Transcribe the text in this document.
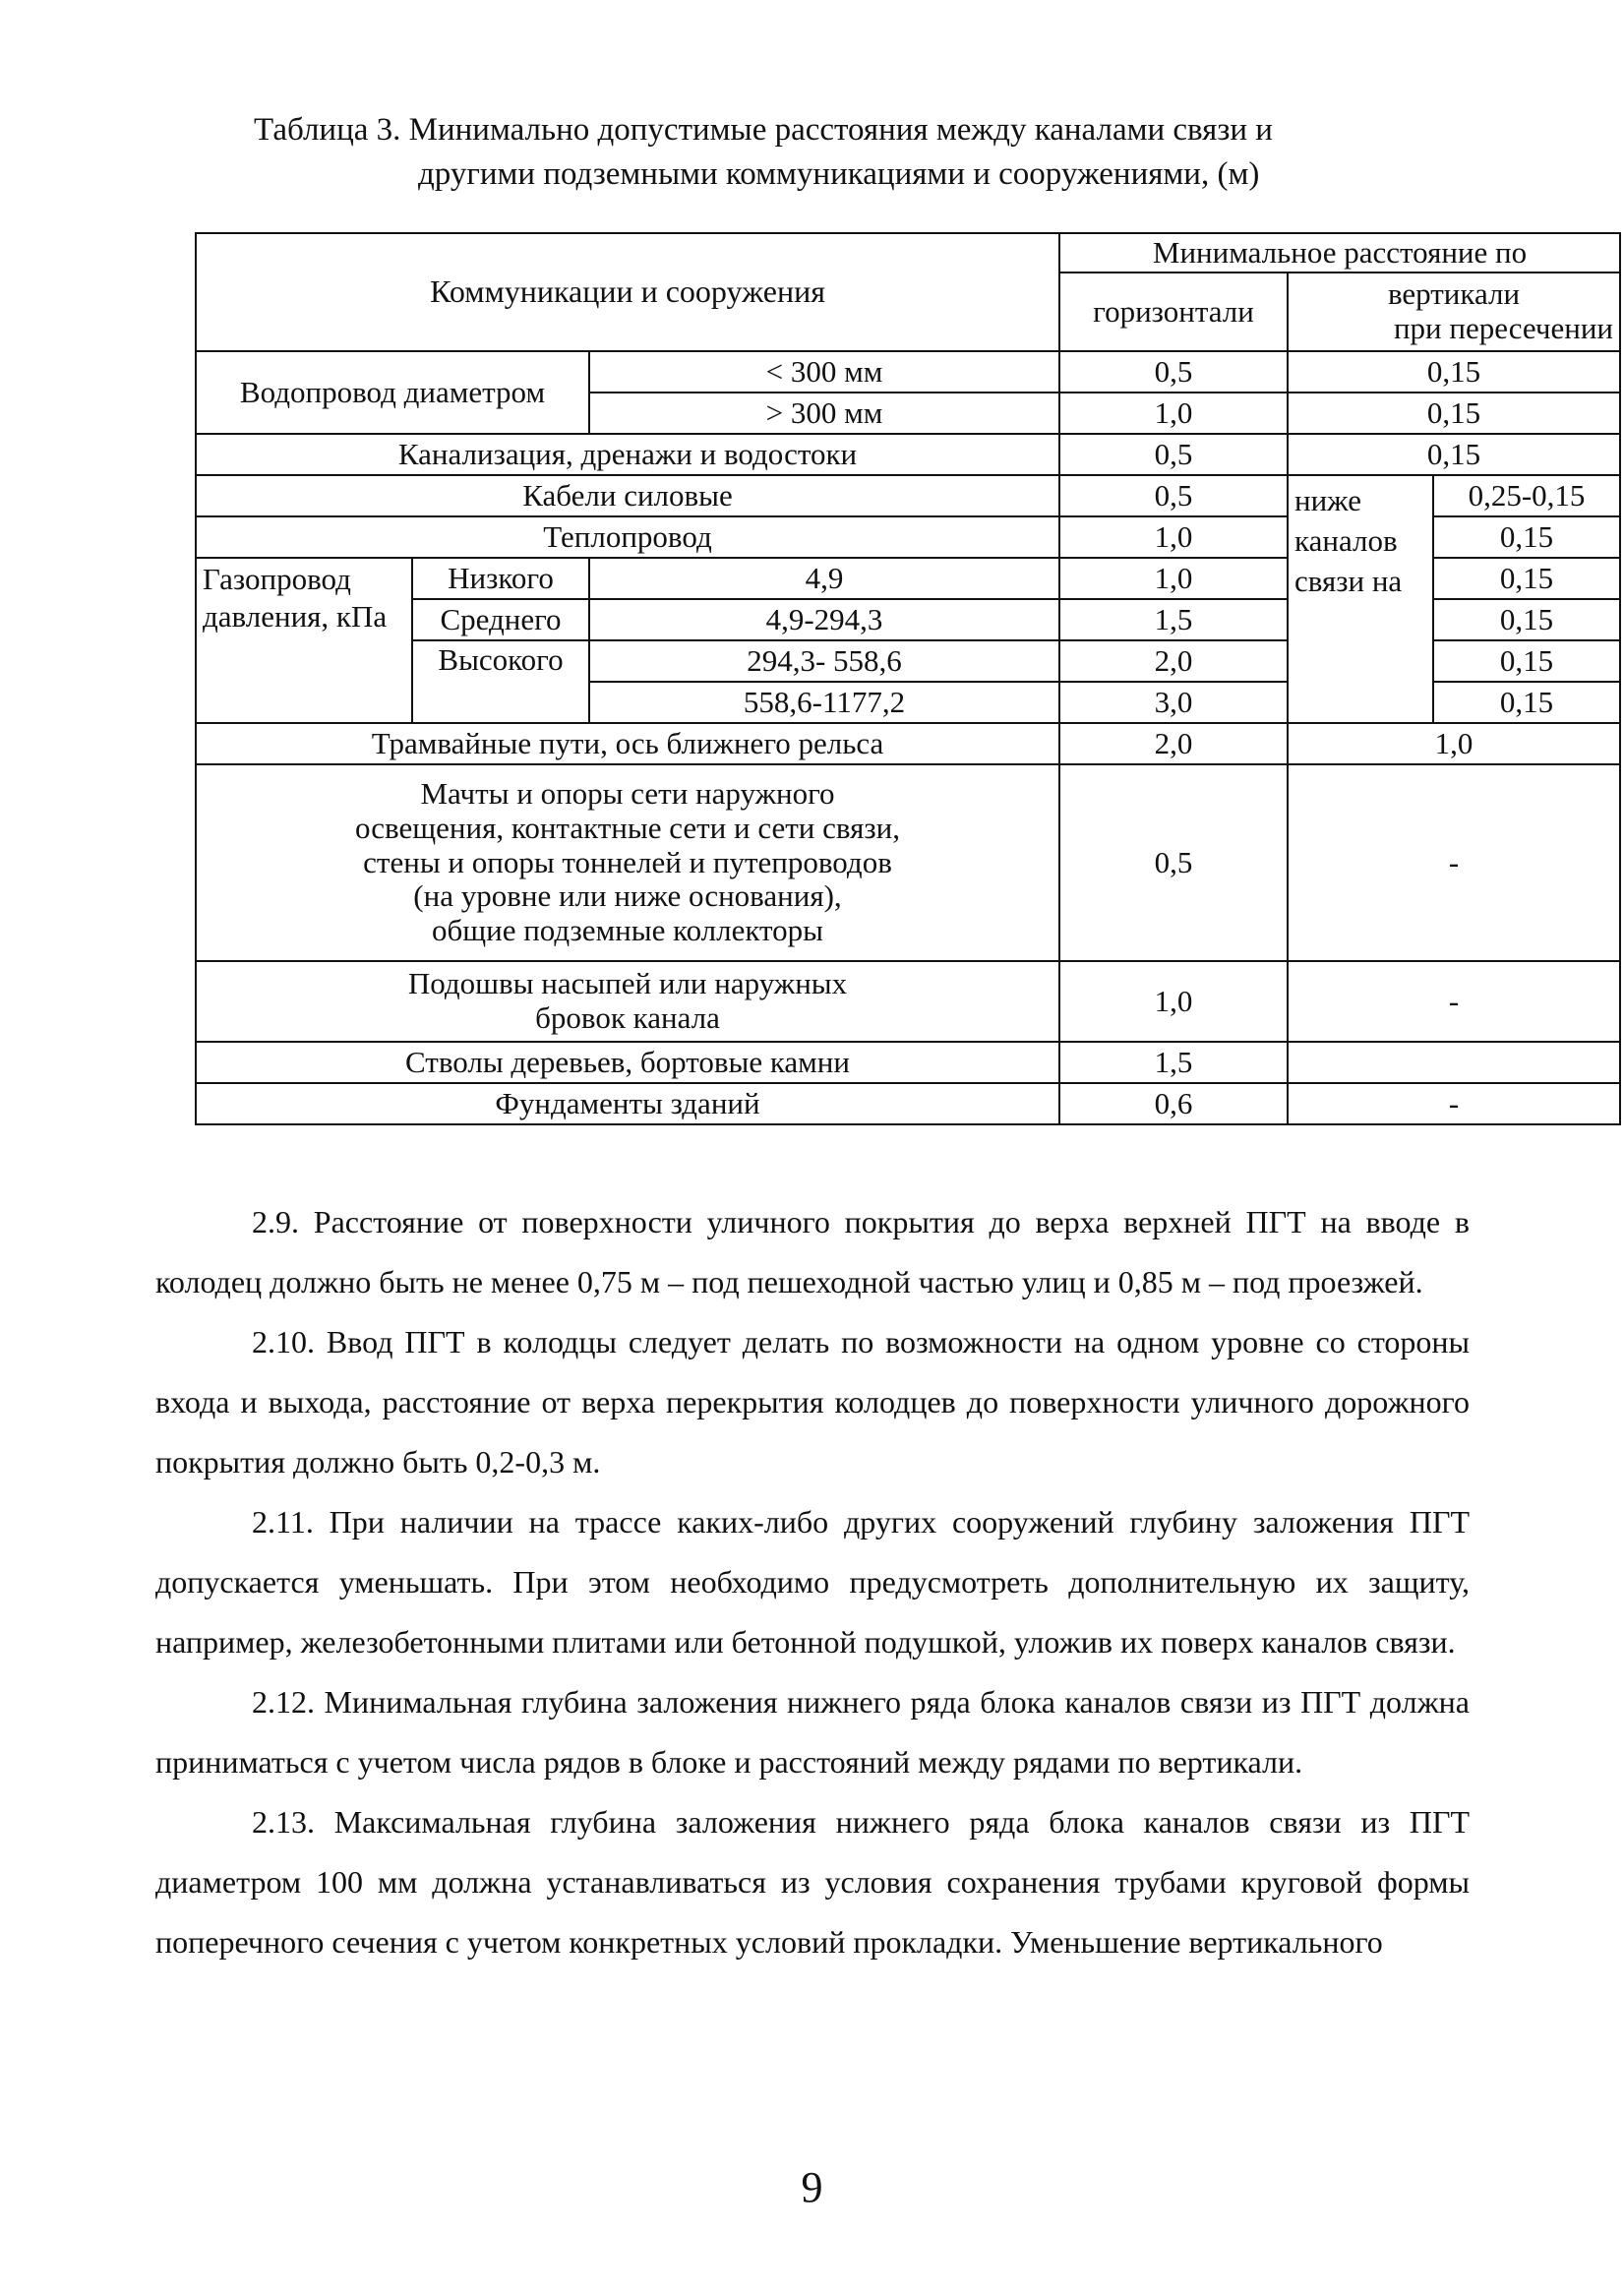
Таблица 3. Минимально допустимые расстояния между каналами связи и
другими подземными коммуникациями и сооружениями, (м)
Коммуникации и сооружения			Минимальное расстояние по		
			горизонтали	вертикали
при пересечении	

Водопровод диаметром		< 300 мм	0,5	0,15	
		> 300 мм	1,0	0,15	
Канализация, дренажи и водостоки			0,5	0,15	
Кабели силовые			0,5	ниже каналов связи на	0,25-0,15
Теплопровод			1,0		0,15
Газопровод давления, кПа	Низкого	4,9	1,0		0,15
	Среднего	4,9-294,3	1,5		0,15
	Высокого	294,3- 558,6	2,0		0,15
		558,6-1177,2	3,0		0,15
Трамвайные пути, ось ближнего рельса			2,0	1,0	

Мачты и опоры сети наружного
освещения, контактные сети и сети связи,
стены и опоры тоннелей и путепроводов
(на уровне или ниже основания),
общие подземные коллекторы			0,5	-	

Подошвы насыпей или наружных
бровок канала			1,0	-	
Стволы деревьев, бортовые камни			1,5		
Фундаменты зданий			0,6	-	

2.9. Расстояние от поверхности уличного покрытия до верха верхней ПГТ на вводе в колодец должно быть не менее 0,75 м – под пешеходной частью улиц и 0,85 м – под проезжей.

2.10. Ввод ПГТ в колодцы следует делать по возможности на одном уровне со стороны входа и выхода, расстояние от верха перекрытия колодцев до поверхности уличного дорожного покрытия должно быть 0,2-0,3 м.

2.11. При наличии на трассе каких-либо других сооружений глубину заложения ПГТ допускается уменьшать. При этом необходимо предусмотреть дополнительную их защиту, например, железобетонными плитами или бетонной подушкой, уложив их поверх каналов связи.

2.12. Минимальная глубина заложения нижнего ряда блока каналов связи из ПГТ должна приниматься с учетом числа рядов в блоке и расстояний между рядами по вертикали.

2.13. Максимальная глубина заложения нижнего ряда блока каналов связи из ПГТ диаметром 100 мм должна устанавливаться из условия сохранения трубами круговой формы поперечного сечения с учетом конкретных условий прокладки. Уменьшение вертикального

9
